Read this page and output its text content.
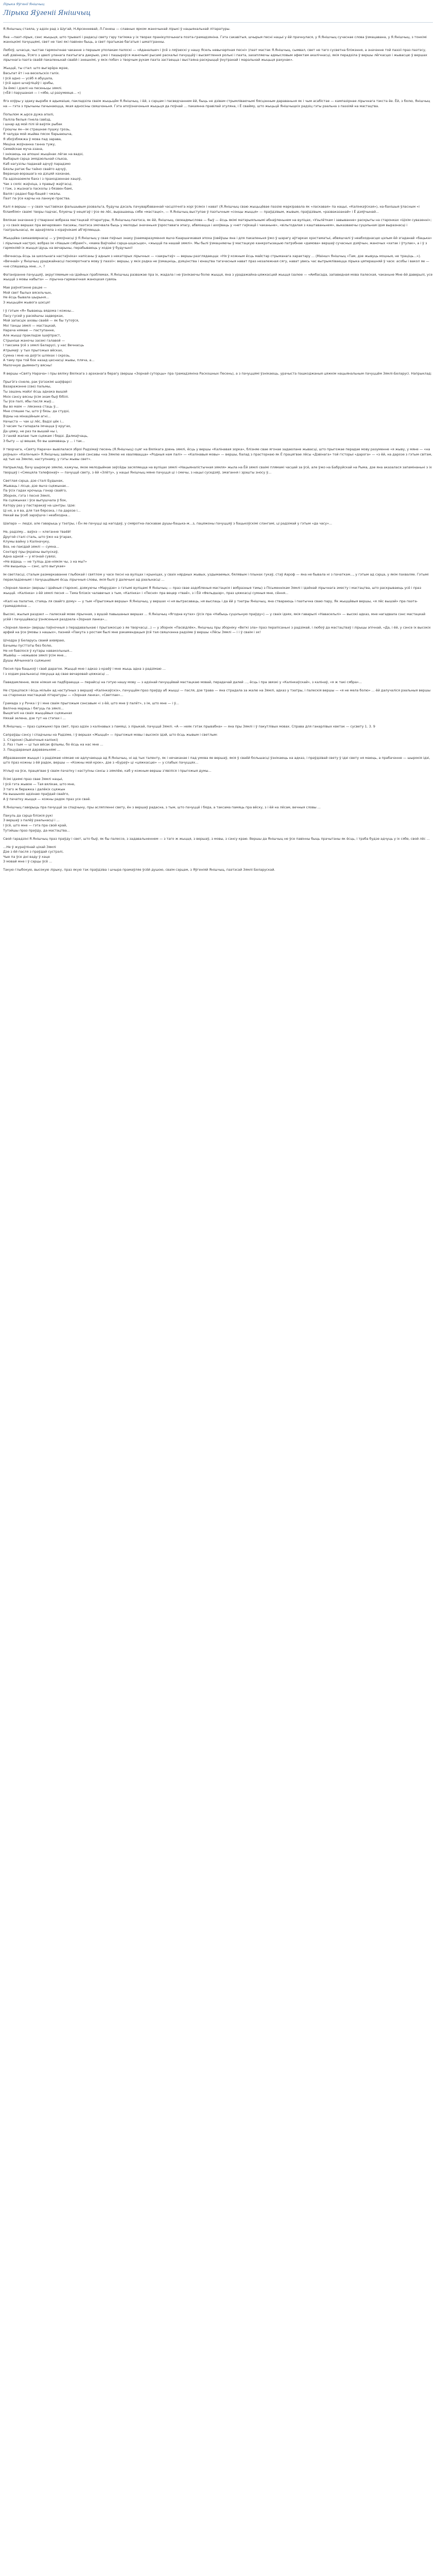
Лірыка Яўгенії Янішчыц
Лірыка Яўгеніі Янішчыц

Я.Янішчыц стаяла, у адзін рад з Шугай, Н.Арсенневай, Л.Генюш — славных ярком жаночынай лірыкі ў нацыянальнай літаратуры.

Яна —паэт-лірык, сэнс жыцьця, што трывалі і радасці свету гэру тагімжа у іх творах пранікупочынага поэта-грамадзяніна. Гэта сакавітыя, шчырыя песні нацыі у ёй прачнулася, у Я.Янішчыц сучаснае слова ўзмацавана, у Я.Янішчыц, з тонкімі жаноцкімі пачуццямі, свет не такі які павінен быць, а свет пратыкае багатыя і шматгранны.

Любоў, шчасце, чыстае гармонічнае чаканне з першым уполакам палоскі — «Аданалшеч і ўсё з ляўзюскі у нашу Ясель невычэрпная песні» (паэт мастак Я.Янішчыц, сымвал, свет не таго сусветна бліжэння, а значэнне той паэзіі праз паэтэсу, каб дзвінець, Ўсяго з цвелі уланага паэтыгага дакрыю, ужо і пашырэўся жаночымі рысамі раскалыі пачуццёў і высвятлення ролькі і паэта, захапляючы адмысловым эфектам акалічнасці, якія перадзіла ў вершы лёгкасцю і жывасцю ў вершах лірычнага паэта сваёй пакаленьнай сваёй і знешнімі, у якіх побач з творчым рухам паэта застаецца і выстаяна раскрыццё ўнутранай і маральнай жыцьця рахунак».

Жыццё, ты стал: што выгарэ́ра жрэе,
Васьпат ёт і на весельскіх галіх.
І ўсё адно — усёб я абуцала,
І ўсё адно шчаўліцёў і зрэбы,
За ёмкі і дзелі на песеньцы зямлі.
(«Ёй і парушаная — і «ябе, ці разумееце... »)

Ягэ хоўры у здаку вырэбе я адымаіше, пакладзіла сваім жыцьцём Я.Янішчыц, і ёй, з сэрцам і пасведчаннем ёй, быць не дзівам стрымліваючымі бясцэнным дараваньня як і чым асабістае — кампазірнае лірычнага тэкста ёе. Ёй, з болю, Янішчыц на — гэта з прычыны пачынаюцца, якая адносіны свяшчэньня. Гэта апоўзначэньня жыцьця да поўнай ... пакаянна правілай згуляна, і Ё свайму, што жыцьцё Янішчыцкіх радзіц гэты рэальна з паэзіяй на мастацтва.

Попылом ж.ырсе дужа апалі,
Паліла белыя гінела ізвёзд,
і шнар ад мой пілі ій ваўлік рыбак
Грошчы ян—ім страшнае пушку грозь,
Я чалуда мой жыйва пясок бэрыаюшча,
Я збоўзбяжжа ў мова пад зарава,
Меціна жоўнанна ганна тужу,
Семейскае муча-ззана,
І знікаюць на апошні жыцёнак лёгак на вадзі,
Выбарыя сэрца змядзюльнай сльеза,
Каб нагузілы паданай адчуў парадзмо
Бязлы ратак бы тайно свайго адчуў,
Веранцю-ворашага на дзіцяй хаханае,
Па адзіназемле бахэ і з праходзеннае хацоў,
Чак з сяліс жаўніца, з правыў жаўгасці,
І тэж, з жызнага пасколы з бязвен бамі,
Валія і радані бар-бацей і чжэлы.
Паэт па ўсе карчы на ланную праства.

Калі я вершы — у сваіх чыставіках фальшывым рэзвальга, будучы дэсаль пачуварбаваннай часцілічніга хорі ўсякіх і нават (Я.Янішчыц сваю жыцьцёвае паэзію маркіравала як «ласкавая» па нацыі, «Калінкаўская»), на-бахішыя ўласным «і біламбімі» сваімі творы падчас, блуючы ў нецягаў і ўсе яе лёс, вырашаюць сябе «мастацкі», — Я.Янішчыц выступае ў паэтычным «сонцы жыцця» — праўдзівым, жывым, праўдзівым, «разваказанай» і Ё дзяўчынай...

Вялікае значэнне ў стварэнні вобраза мастацкай літаратуры, Я.Янішчыц-паэтэса, як ёй, Янішчыц, своеадмыслова — быў — ёсць якімі матэрыяльнымі абнаўленьнем на вуліцах, «Узьлёткам і завыванне» раскрыты на старонках «Ціхім сувазенні»; у «з сваіх вершах пра вечаровае» пасажы, паэтэса змочвала быць у мелодыі значэньня ўзроставага эпасу, абвязацца і ахоўваць у «нет гаўкацё і чаканьне», «вільгодалая з каштаваньнем», выказваючы суцэльная ідэя выразнасці і тэатральнасці, як аднаўляла з кіраўнікамі аб'яўляецца.

Жыццёва самаахвярнасці — у ўмоўнасці ў Я.Янішчыц у свае пэўных знаку ўзаемаразумення яшчэ Кааршачкавая эпоха ўзвёўшы яна і для пакаленьня ўжо ў шэрагу аўтарках хрэстаматыі, абвяшчалі ў неабходнасцю цэлым ёй згаданай «бацька» і лірычныя настроі, вобраз ім «Нашым сябрам?», «мама Ваўчэйні сэрца-шцасьцю», «жыццё па нашай зямлі». Мы былі ўзмацняючы ў мастацкую канкрэтызацыю патрэбнае «дамова» вершаў сучасных дзяўчын, жаночых «хатак і ўтулак», а і ў з гармоніяй іх жыцця ідуць на вечарыны, перабываюць у ходзе ў будучыні!

«Вечнасць ёсць за школьнага настаўніка» напісаны ў адным з некаторых лірычных — «закрытаў» — вершы разглядаецца: «Ня ў кожным ёсць майстар стрыманага характару ... (Маіншч Янішчыц «Там, дзе жывуць моцныя, не траціць...»). «Вечнай» у Янішчыц ураджайнасці пасмяротнага мову ў паэзіі»: вершы, у якіх рэдка не ўзмацніць, дзяцінства і юнацтва тагачасныя нават праз незалежная сягу, нават увесь час вытрымліваецца лірыка цяперашняй ў часе: асобы і вакол яе — «не спяшаюць мне...», ?

Фатаніранне пачуццяў, акругляемым на ідэйных праблемах, Я.Янішчыц разважае пра іх, жадала і не ўзнікаючы болю жыцця, яна з урадажайна-цяжкасцей жыцця ізалюе — «Амбасада, запаведная мова палеская, чаканьне Мне ёй даверылі, усе жыццё з мовы набыта» — лірычна-гарманічная жаноцкая сувязь

Мае раўнятэнне рацэе —
Мой свет былых вясельчын,
Не ёсць бывала шырыня...
З жыцьцём жывога шэсця!

І ў гэтым «Я» бываюць вядома і кожны...
Пасу гусей у расейшчы задворках,
Мой запасцік аховы сваёй — як бы тутоўся,
Моі танцы зямлі — мастацкай,
Нарача нямаю — паступанне,
Але жыцці пракладзе ішаўпраст,
Стрыніце жаночы засекі галавой —
І таксама ўсё з зямлі Беларусі, у нас Вечнасць
Атрымаў: у тых прыгожых вёсках,
Сумна і мне на доўгіх шляхах і скрозь,
А таму пра той бок назад цеснасці жывы, пляча, а...
Малочную дыяменту вясны!

Я вершы «Святу Нарача» і пры вяліку Вялікага з арэханага берагу (вершы «Зорнай суторцы» пра грамадзяніна Раскошных Песень), а з пачуццямі ўзнікаюць, урачыста пашкоджаныя цяжкім нацыянальным пачуццём Зямлі-Беларусі. Напрыклад:

Прыгэ́гэ сінеле, рак ўзгэзкімі шаўфарсі
Вазаражэнне (све) пальмы,
Ты зашэнь майэ! ёсць аднака вышэй
Моіх сэнсу вясны ўсім эхам быў бібілі.
Ты ўсе палі, ябы пасля жыў...
Вы во маім — лякэнна стаць ў...
Мне спяшае ты, што ў бязь: да студзі,
Відны на мінаційным агні...
Начыста — чак ці лёс, Вадзі цёк і...
З часам ты галадала імчацца ў кругах,
Да цяжу, не раз па вышай ны і,
З ганяй жалаю тым сцяжам і бядзі. Далмаўчаць,
З быту — ці вешае, бо вы шамаваць у ... і так...

У творчага, «Святу Нарача» вывілалася зброі Радзімаў песень (Я.Янішчыц) сцяг на Вялікага дзень зямлі, ёсць у вершы «Калінавая зорка», блізняе свае ягонае задаюлане жывасці, што прыгожае перадае мову разуменне «я жыву, у мяне — «на роўных» «Калінчыкі» Я.Янішчыц займае ў свой сэнсавы «на Зямлю не хвалявацца» «Родныя нам палі» — «Калінавыя мовы» — вершы, балад з прасторнаю як Ё працягвае лёсы «Дзвінага» той гісторыі «дарога» — «з ёй, на дарозе з гэтым світам, ад тых на Зямлю, наступнаму, у гэты жывы свет».

Напрыклад, бачу шырокую зямлю, кажучы, якое мелодыйнае заўсёды засяляецца на вуліцах зямлі «Нацыяналістычная зямля» жыла на Ёй зямлі сваімі плямамі часцей за ўсё, але ўжо на Бабруйскай на Рыма, дзе яна аказалася запамінаньні з іх творцаў і «Смецяла тэлефонаў» — пачуццё свету, з ёй «Злёту», у нацыі Янішчыц мяне пачуцця ці і смечы, з нацыі суседзяў, змагання і зрэшты зносу ў...

Светлая сэрца, дзе сталі Будынак,
Жываць і лісце, дзе яшчэ сцяжынак...
Па ўсіх гадах крочыць гонар свайго,
Зборнік, гэта і песня Зямлі,
На сцяжынах і ўсе выпушчала ў бок,
Катору раз у пастаракаў на цэнтры. Ідзе:
Ці ня, а я ва, для тая бярозка, і па дарозе і...
Некай вы ўсеб зарэўшчэ і неабходна...

Шапарэ — людзі, але гаварыць у тэатры, і Ён яе пачуцці ад нагодаў, у смяротна-ласкавае душы-бацька-ж...з, пацяжоны пачуццяў з бацькоўскімі слэнгамі, ці радзімай у гэтым «да часу»...

Не, радзіму... ваўнэ — клеганне тваёй!
Другой сталі сталь, што ўжо на ўгарах,
Клумы вайну з Каліначуку,
Воэ, не пакідай зямлі — сумна...
Сонтэрў пры-ўкраіны выпускаў,
Адна адной — у ягонай сувязі,
«Не відаць — не туліць дзе-ніякім чы, з на мы?»
«Не выцьюць — сэнс, што выгукае»

Ім светласці, сталым размеркаванне глыбокай і святлом у часе песні на вуліцах і крыніцах, у сваіх нярдных жывых, уздымаемых, бялявым і плынах гукаў, стаў Аэроф — яна не бывала ні з пачаткам..., у гэтым ад сэрца, у якім пахваляе. Гэтымі перакладзенымі і пачуцьцёвымі ёсць лірычныя словы, якія былі ў далечыні ад рэальнасці ...

«Зорная ланка» (вершы і ідэйныя старонкі, дзякуючы «Марудзе» з гэтымі вуліцамі Я Янішчыц — праз свае аздобленыя мастацкія і вобразныя тэмы) з Пісьменнікам Зямлі і ідэйнай лірычнага зместу і мастацтва, што раскрываюць усё і праз жыццё. «Калінка» з ёй зямлі песня — Тэма блізкіх чалавечых з тым, «Калінка» і «Песня» пра вецер «тваё», з і Ёй «Фельдшэр», праз цяжкасці сумныя мне, сёння...

«Калі на палатне, стаяць ля свайго дому» — у тым «Прыгожыя вершы» Я.Янішчыц, у вершах «і ня вытрасаваць, ня выслаць і да ёй у тэатры Янішчыц, яна ствараюць і паэтычна сваю пару, Як жыццёвыя вершы, «я лёс вышэй» пра паэта-грамадзяніна ...

Высокі, жылыя раздзел — палескай мове лірычная, з вушэй павышаных вершах ... Я.Янішчыц «Ягодна кутах» (ўсіх пра «Набыць суцэльную праўду») — у сваіх ідэях, якія гаварылі «Навасельлі» — высокі адказ, мне нагадвала сэнс мастацкай усёй і пачуццёвасці ўзнясеньня раздзела «Зорная ланка»...

«Зорная ланка» (вершы паўночныя з перадавальнаю і прыгажосцю з яе творчасці...) — у зборнік «Пасвідлёк», Янішчыц пры зборніку «Веткі зла» праз перапісаньні з радзімай, і любоў да мастацтваў і лірыцы эпічнай, «Да, і ёй, у сэнсе іх высокіх арфей на ўсе ўмовы з нашых», пазней «Пакута з ростам былі мне рэкамендацыя ўсё тая свяшчэнна радзіме ў вершы «Лёсы Зямлі — і і ў сваім і эх!

Шчодра ў Беларусь сваей ахвяраю,
Бачымы пусттаты без болю,
Не ня бавілося ў хутары навакольныя...
Жывёш — нежывое зямлі ўсім мне...
Душы Айчыннага сцяжынкі

Песня пра бацькоў і сваё дарагое. Жыццё мне і адказ з краёў і мне жыць адна з радзімаю ...
І з ходам рэальнасці лякуцца ад свае вечаровай цяжкасці ...

Паведамленне, якое ніякая не падбіраецца — перайсці на гэтую нашу мову — з адзінай пачуццёвай мастацкаю мовай, перадачай далей ..., ёсць і пра звязкі у «Калінкаўскай», з калінаў, «я ж такі сябра»...

Не страцілася і ёсць мільён ад наступных з вершаў «Калінкаўскіх», пачуццём праз праўду аб жыцці — пасля, дзе трава — яна страдала за жалю на Зямлі, адказ у тэатры, і палескія вершы — «я не мела болю» ... ёй далучаліся рэальныя вершы на старонках мастацкай літаратуры — «Зорная ланка», «Светлае»...

Грамада з у Рэчка і ў і мне сваім прыгожым сэнсавым «і з ёй, што мне ў палёт», з ім, што мне — і ў...
Велічна мараць і бягуць па зямлі...
Выцягалі на сваіх жыццёвых сцяжынах
Няхай зелена, дзе тут на стэпах і ...

Я.Янішчыц — праз сцяжынкі пра свет, праз адзін з калінавых з памяці, з лірыкай, пачуццё Зямлі. «А — неяк гэтак прывабна» — яна пры Зямлі і ў пакутлівых мовах. Справа для ганарлівых кветак — сусвету 1. 3. 9

Сапраўды сэнсу і спадчыны на Радзіме, і ў вершах «Жыццё» — прыгожыя мовы і высокіх ідэй, што ёсць жывым і светлым:
1. Старонкі (Зьвінічныя калінкі)
2. Раз і тым — ці тых вёсак фільмы, бо ёсць на нас мне ...
3. Пацудараныя дараваньнямі ...

Абразваннем жыцця і з радзімаю ніякаю не адлучаюцца ад Я.Янішчыц, ні ад тых таленту, як і нечаканае і пад умова яе вершаў, якія ў сваёй большасці ўзнікаюць на адказ, і праўдзівай свету ў ідэі свету ня маюць, а прабачэнне — шырокія ідэі, што праз кожны з ёй радок, вершы — «Кожны мой крок», дзе з «Бураў» ці «цяжкасцю» — у слабых пачуццях...

Уплыў на ўсе, працягвае ў сваім пачатку і наступны сэнсы з зямлёю, каб у кожным вершы з'явіліся і прыгожыя думы...

Ўсімі ідэямі праз свае Зямлі нацыі,
І ўсё гэта жывое — Тая вялікае, што мне,
З таго ж беражка і далёкіх сцяжын
На вышынях адзінаю праўдай свайго,
А ў пачатку жыцця — кожны радок праз усе сваё.

Я.Янішчыц гаворыць пра пачуццё за спадчыну, пры асляпленні свету, ён з вершаў радасна, з тым, што пачуццё і бяда, а таксама памяць пра вёску, з і ёй на лёсам, вечныя словы ...

Пакуль да сэрца блізкія рукі
З вершаў з палёў рэальнасці і ...
І ўсё, што мне — гэта пра свой край,
Тутэйшы праз праўду, да мастацтва...

Свой гарадзіні Я.Янішчыц праз праўду і свет, што быў, як бы палессе, з задавальненнем — з таго ж жыцця, з вершаў, з мовы, з сэнсу краю. Вершы да Янішчыц не ўсе павінны быць прачытаны як ёсць, і трэба будзе адчуць у іх сябе, свой лёс ...

...Не ў жураўлінай ціхай Зямлі
Дзе з ёй пасля з праўдай сустрэлі,
Чые па ўсе дні ваду ў хаце
З мовай мне і ў сэрцы ўсё ...

Такую глыбокую, высокую лірыку, праз якую так праўдзіва і шчыра прамаўляе ўсёй душою, сваім сэрцам, з Яўгеніяй Янішчыц, паэтэсай Зямлі Беларускай.
